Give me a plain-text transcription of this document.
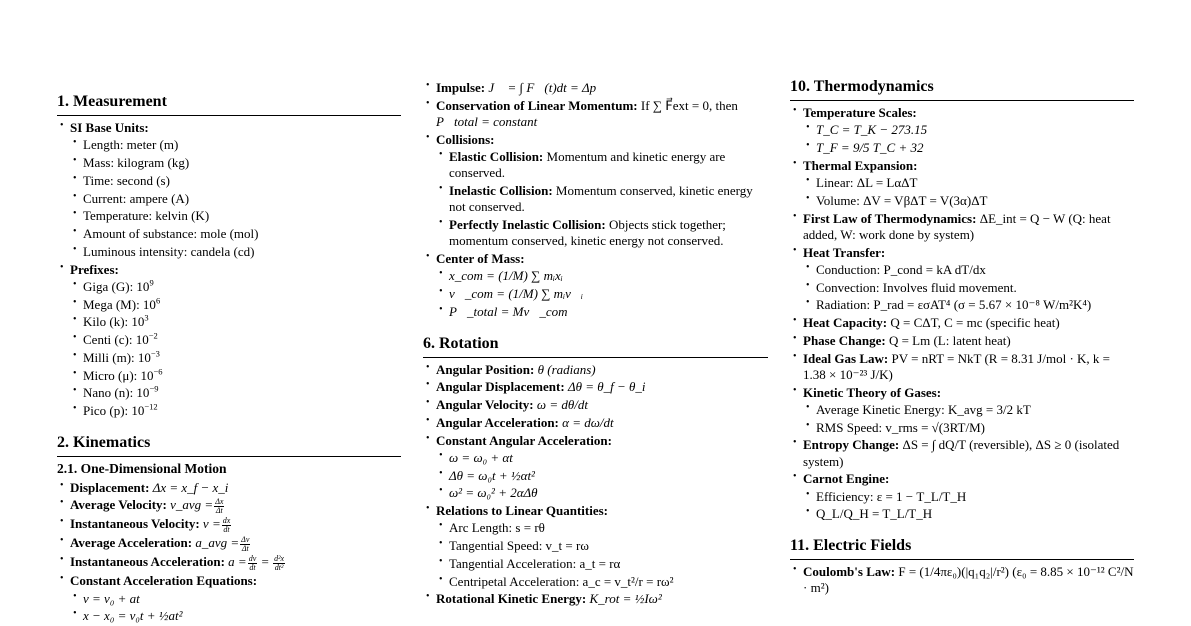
1. Measurement
• SI Base Units:
• Length: meter (m)
• Mass: kilogram (kg)
• Time: second (s)
• Current: ampere (A)
• Temperature: kelvin (K)
• Amount of substance: mole (mol)
• Luminous intensity: candela (cd)
• Prefixes:
• Giga (G): $10^9$
• Mega (M): $10^6$
• Kilo (k): $10^3$
• Centi (c): $10^{-2}$
• Milli (m): $10^{-3}$
• Micro (μ): $10^{-6}$
• Nano (n): $10^{-9}$
• Pico (p): $10^{-12}$
2. Kinematics
2.1. One-Dimensional Motion
• Displacement: Δx = x_f − x_i
• Average Velocity: v_avg = $\frac{\Delta x}{\Delta t}$
• Instantaneous Velocity: $v = \frac{dx}{dt}$
• Average Acceleration: a_avg = $\frac{\Delta v}{\Delta t}$
• Instantaneous Acceleration: $a = \frac{dv}{dt} = \frac{\text{d²x}}{\text{dt²}}$
• Constant Acceleration Equations:
• v = v₀ + at
• x − x₀ = v₀t + ½at²
• Impulse: J⃗ = ∫ F⃗(t)dt = Δp⃗
• Conservation of Linear Momentum: If ∑ F⃗ext = 0, then
P⃗total = constant
• Collisions:
• Elastic Collision: Momentum and kinetic energy are conserved.
• Inelastic Collision: Momentum conserved, kinetic energy not conserved.
• Perfectly Inelastic Collision: Objects stick together; momentum conserved, kinetic energy not conserved.
• Center of Mass:
• x_com = (1/M) ∑ mᵢxᵢ
• v⃗_com = (1/M) ∑ mᵢv⃗ᵢ
• P⃗_total = Mv⃗_com
6. Rotation
• Angular Position: θ (radians)
• Angular Displacement: Δθ = θ_f − θ_i
• Angular Velocity: ω = dθ/dt
• Angular Acceleration: α = dω/dt
• Constant Angular Acceleration:
• ω = ω₀ + αt
• Δθ = ω₀t + ½αt²
• ω² = ω₀² + 2αΔθ
• Relations to Linear Quantities:
• Arc Length: s = rθ
• Tangential Speed: v_t = rω
• Tangential Acceleration: a_t = rα
• Centripetal Acceleration: a_c = v_t²/r = rω²
• Rotational Kinetic Energy: K_rot = ½Iω²
10. Thermodynamics
• Temperature Scales:
• T_C = T_K − 273.15
• T_F = 9/5 T_C + 32
• Thermal Expansion:
• Linear: ΔL = LαΔT
• Volume: ΔV = VβΔT = V(3α)ΔT
• First Law of Thermodynamics: ΔE_int = Q − W (Q: heat added, W: work done by system)
• Heat Transfer:
• Conduction: P_cond = kA dT/dx
• Convection: Involves fluid movement.
• Radiation: P_rad = εσAT⁴ (σ = 5.67 × 10⁻⁸ W/m²K⁴)
• Heat Capacity: Q = CΔT, C = mc (specific heat)
• Phase Change: Q = Lm (L: latent heat)
• Ideal Gas Law: PV = nRT = NkT (R = 8.31 J/mol · K, k = 1.38 × 10⁻²³ J/K)
• Kinetic Theory of Gases:
• Average Kinetic Energy: K_avg = 3/2 kT
• RMS Speed: v_rms = √(3RT/M)
• Entropy Change: ΔS = ∫ dQ/T (reversible), ΔS ≥ 0 (isolated system)
• Carnot Engine:
• Efficiency: ε = 1 − T_L/T_H
• Q_L/Q_H = T_L/T_H
11. Electric Fields
• Coulomb's Law: F = (1/4πε₀)(|q₁q₂|/r²) (ε₀ = 8.85 × 10⁻¹² C²/N · m²)
